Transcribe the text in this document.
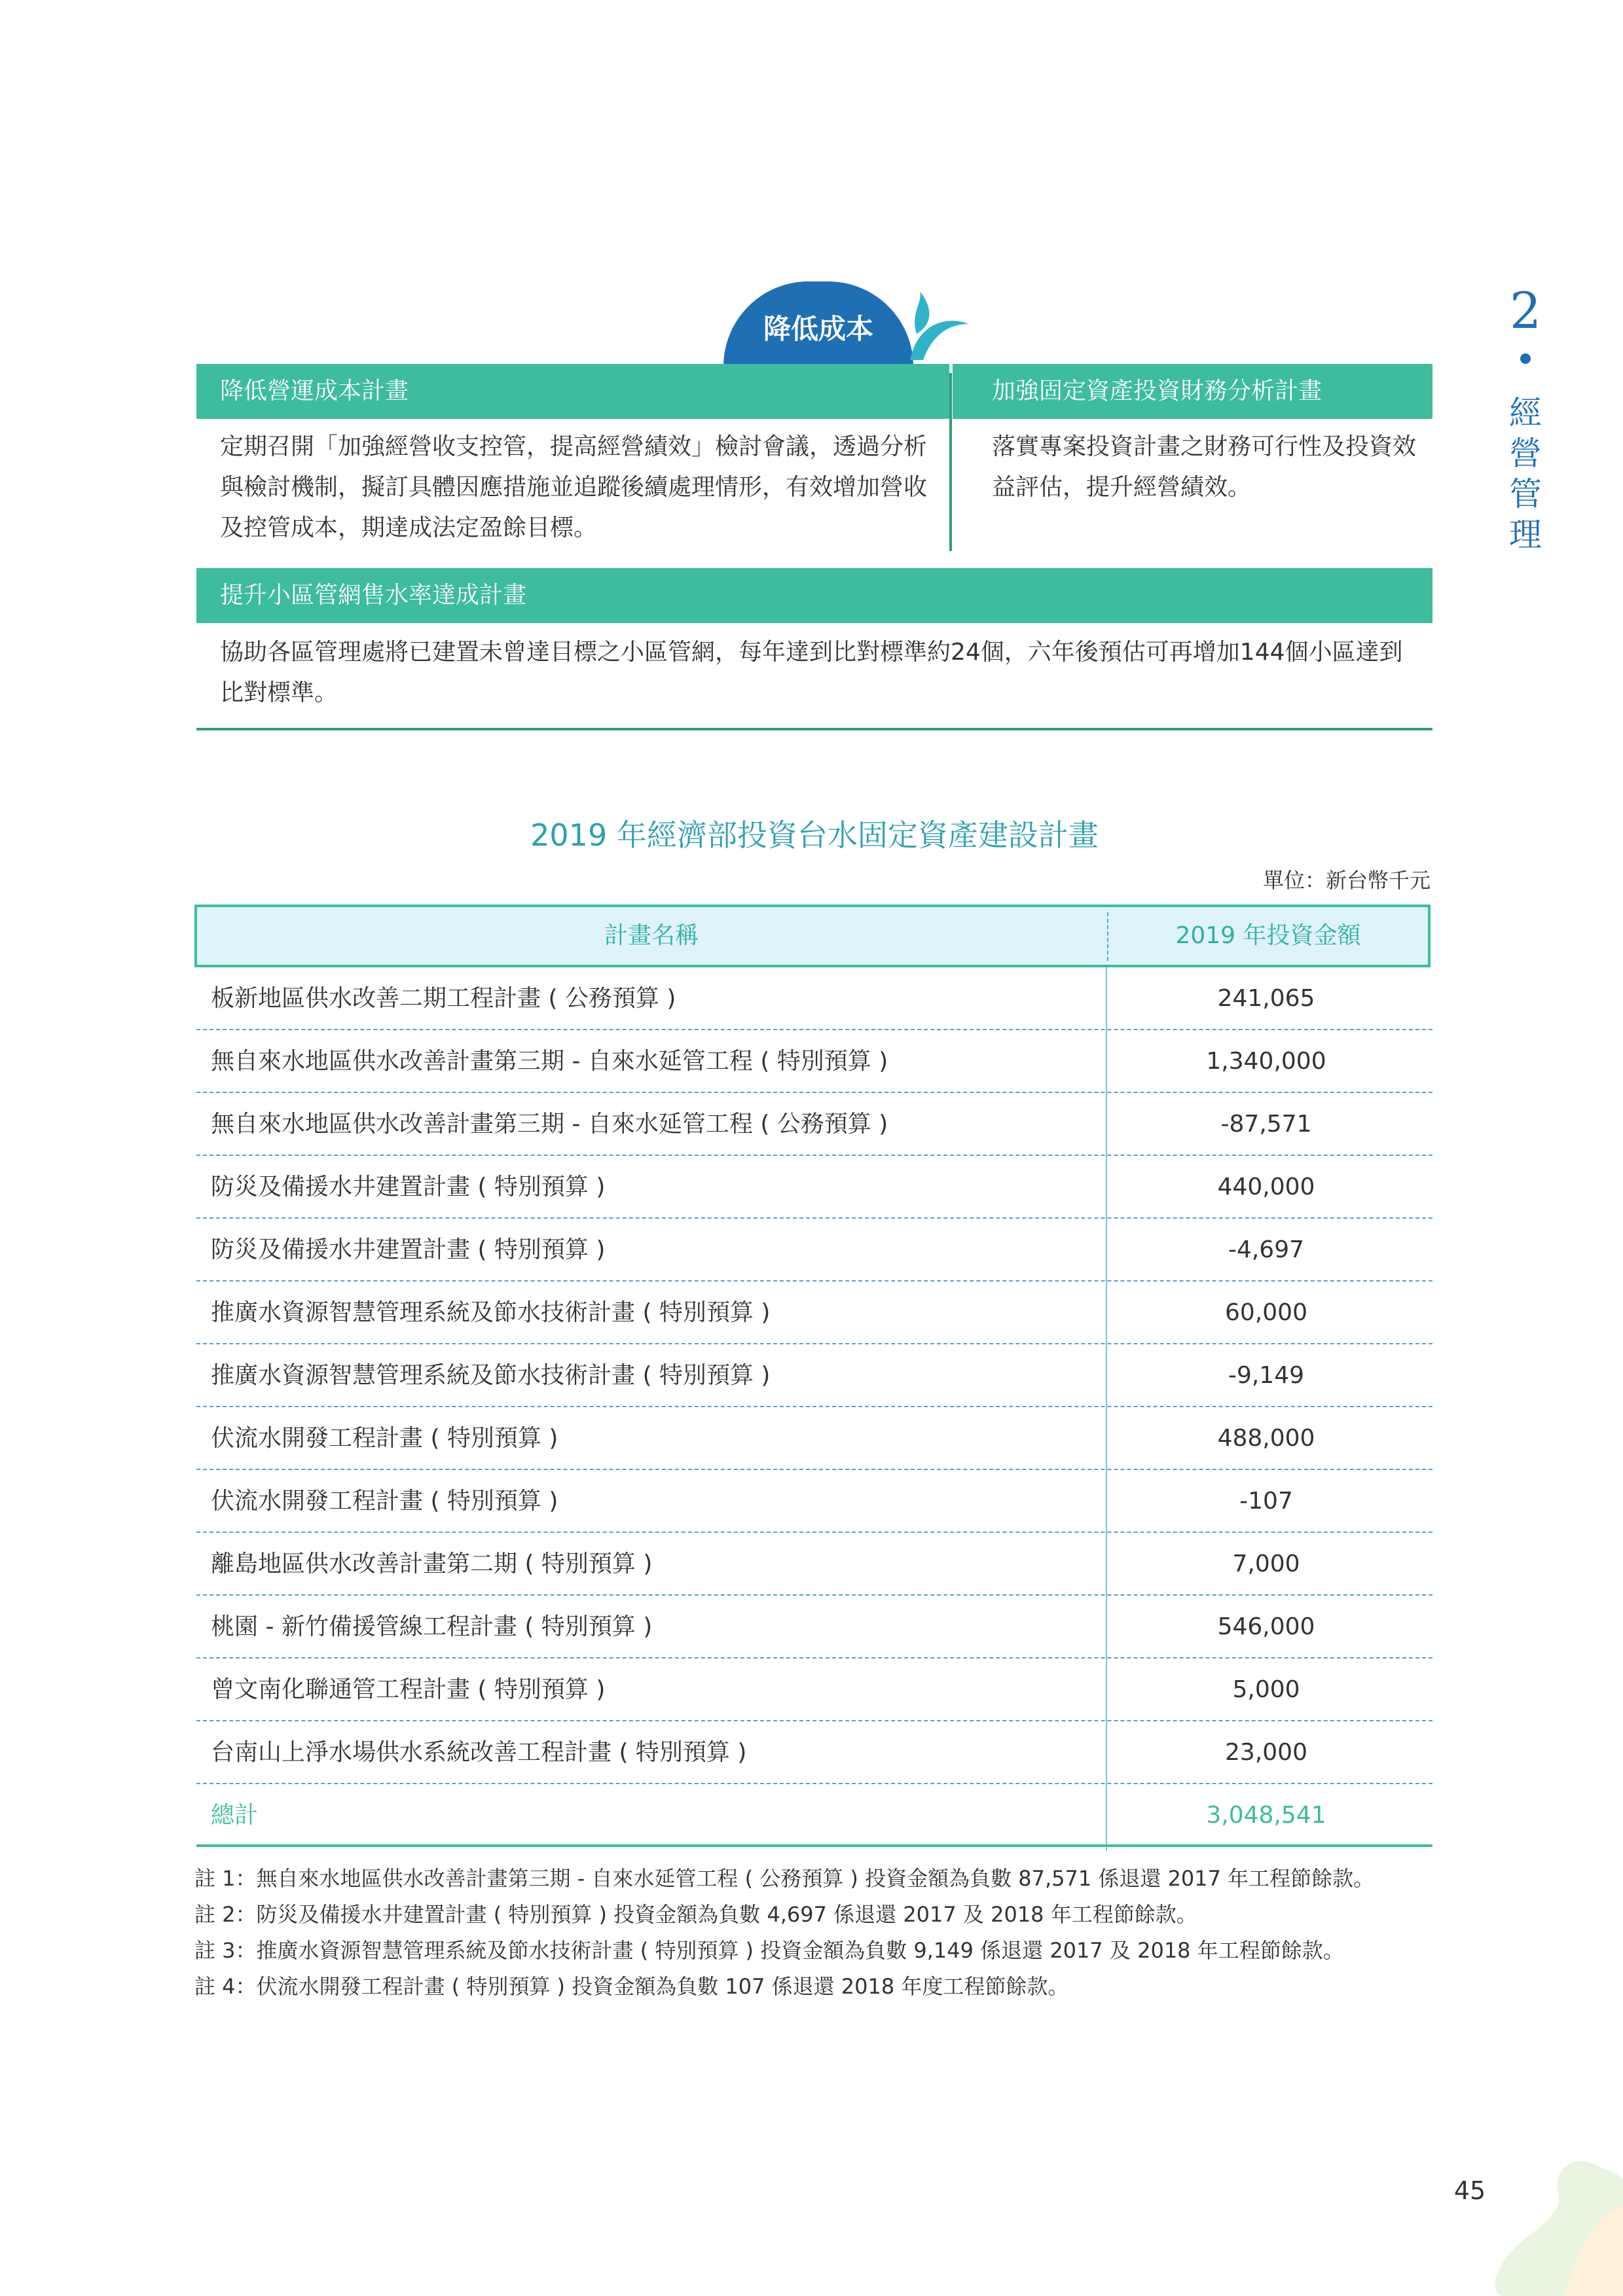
2
經營管理
降低成本
降低營運成本計畫	加強固定資產投資財務分析計畫
定期召開「加強經營收支控管，提高經營績效」檢討會議，透過分析與檢討機制，擬訂具體因應措施並追蹤後續處理情形，有效增加營收及控管成本，期達成法定盈餘目標。
落實專案投資計畫之財務可行性及投資效益評估，提升經營績效。
提升小區管網售水率達成計畫
協助各區管理處將已建置未曾達目標之小區管網，每年達到比對標準約24個，六年後預估可再增加144個小區達到比對標準。
2019 年經濟部投資台水固定資產建設計畫
單位：新台幣千元
計畫名稱	2019 年投資金額
板新地區供水改善二期工程計畫 ( 公務預算 )	241,065
無自來水地區供水改善計畫第三期 - 自來水延管工程 ( 特別預算 )	1,340,000
無自來水地區供水改善計畫第三期 - 自來水延管工程 ( 公務預算 )	-87,571
防災及備援水井建置計畫 ( 特別預算 )	440,000
防災及備援水井建置計畫 ( 特別預算 )	-4,697
推廣水資源智慧管理系統及節水技術計畫 ( 特別預算 )	60,000
推廣水資源智慧管理系統及節水技術計畫 ( 特別預算 )	-9,149
伏流水開發工程計畫 ( 特別預算 )	488,000
伏流水開發工程計畫 ( 特別預算 )	-107
離島地區供水改善計畫第二期 ( 特別預算 )	7,000
桃園 - 新竹備援管線工程計畫 ( 特別預算 )	546,000
曾文南化聯通管工程計畫 ( 特別預算 )	5,000
台南山上淨水場供水系統改善工程計畫 ( 特別預算 )	23,000
總計	3,048,541
註 1：無自來水地區供水改善計畫第三期 - 自來水延管工程 ( 公務預算 ) 投資金額為負數 87,571 係退還 2017 年工程節餘款。
註 2：防災及備援水井建置計畫 ( 特別預算 ) 投資金額為負數 4,697 係退還 2017 及 2018 年工程節餘款。
註 3：推廣水資源智慧管理系統及節水技術計畫 ( 特別預算 ) 投資金額為負數 9,149 係退還 2017 及 2018 年工程節餘款。
註 4：伏流水開發工程計畫 ( 特別預算 ) 投資金額為負數 107 係退還 2018 年度工程節餘款。
45
